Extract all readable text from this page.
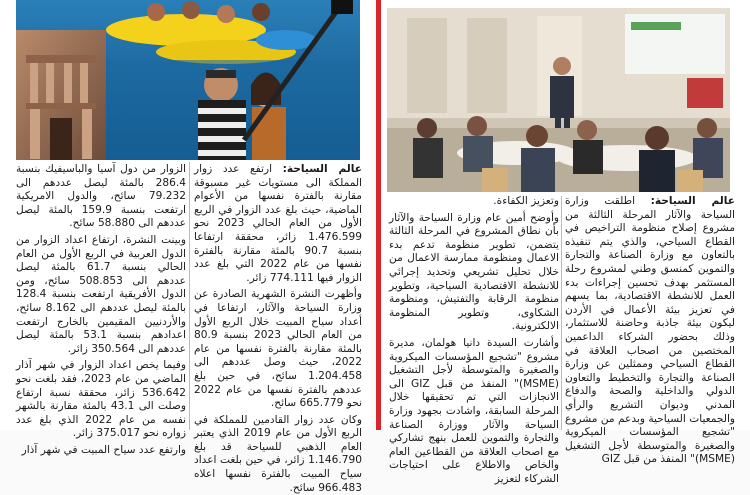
عالم السياحة: ارتفع عدد زوار المملكة الى مستويات غير مسبوقة مقارنة بالفترة نفسها من الأعوام الماضية، حيث بلغ عدد الزوار في الربع الأول من العام الحالي 2023 نحو 1.476.599 زائر، محققة ارتفاعا بنسبة 90.7 بالمئة مقارنة بالفترة نفسها من عام 2022 التي بلغ عدد الزوار فيها 774.111 زائر.

وأظهرت النشرة الشهرية الصادرة عن وزارة السياحة والآثار، ارتفاعا في أعداد سياح المبيت خلال الربع الأول من العام الحالي 2023 بنسبة 80.9 بالمئة مقارنة بالفترة نفسها من عام 2022، حيث وصل عددهم الى 1.204.458 سائح، في حين بلغ عددهم بالفترة نفسها من عام 2022 نحو 665.779 سائح.

وكان عدد زوار القادمين للمملكة في الربع الأول من عام 2019 الذي يعتبر العام الذهبي للسياحة قد بلغ 1.146.790 زائر، في حين بلغت اعداد سياح المبيت بالفترة نفسها اعلاه 966.483 سائح.

الزوار من دول آسيا والباسيفيك بنسبة 286.4 بالمئة ليصل عددهم الى 79.232 سائح، والدول الامريكية ارتفعت بنسبة 159.9 بالمئة ليصل عددهم الى 58.880 سائح.

وبينت النشرة، ارتفاع اعداد الزوار من الدول العربية في الربع الأول من العام الحالي بنسبة 61.7 بالمئة ليصل عددهم الى 508.853 سائح، ومن الدول الأفريقية ارتفعت بنسبة 128.4 بالمئة ليصل عددهم الى 8.162 سائح، والأردنيين المقيمين بالخارج ارتفعت اعدادهم بنسبة 53.1 بالمئة ليصل عددهم الى 350.564 زائر.

وفيما يخص اعداد الزوار في شهر آذار الماضي من عام 2023، فقد بلغت نحو 536.642 زائر، محققة نسبة ارتفاع وصلت الى 43.1 بالمئة مقارنة بالشهر نفسه من عام 2022 الذي بلغ عدد زواره نحو 375.017 زائر.

وارتفع عدد سياح المبيت في شهر آذار

عالم السياحة: اطلقت وزارة السياحة والآثار المرحلة الثالثة من مشروع إصلاح منظومة التراخيص في القطاع السياحي، والذي يتم تنفيذه بالتعاون مع وزارة الصناعة والتجارة والتموين كمنسق وطني لمشروع رحلة المستثمر بهدف تحسين إجراءات بدء العمل للانشطة الاقتصادية، بما يسهم في تعزيز بيئة الأعمال في الأردن ليكون بيئة جاذبة وحاضنة للاستثمار، وذلك بحضور الشركاء الداعمين المختصين من اصحاب العلاقة في القطاع السياحي وممثلين عن وزارة الصناعة والتجارة والتخطيط والتعاون الدولي والداخلية والصحة والدفاع المدني وديوان التشريع والرأي والجمعيات السياحية وبدعم من مشروع "تشجيع المؤسسات الميكروية والصغيرة والمتوسطة لأجل التشغيل (MSME)" المنفذ من قبل GIZ

وتعزيز الكفاءة.

وأوضح أمين عام وزارة السياحة والآثار بأن نطاق المشروع في المرحلة الثالثة يتضمن، تطوير منظومة تدعم بدء الاعمال ومنظومة ممارسة الاعمال من خلال تحليل تشريعي وتحديد إجرائي للانشطة الاقتصادية السياحية، وتطوير منظومة الرقابة والتفتيش، ومنظومة الشكاوى، وتطوير المنظومة الالكترونية.

وأشارت السيدة دانيا هولمان، مديرة مشروع "تشجيع المؤسسات الميكروية والصغيرة والمتوسطة لأجل التشغيل (MSME)" المنفذ من قبل GIZ الى الانجازات التي تم تحقيقها خلال المرحلة السابقة، واشادت بجهود وزارة السياحة والآثار ووزارة الصناعة والتجارة والتموين للعمل بنهج تشاركي مع اصحاب العلاقة من القطاعين العام والخاص والاطلاع على احتياجات الشركاء لتعزيز
